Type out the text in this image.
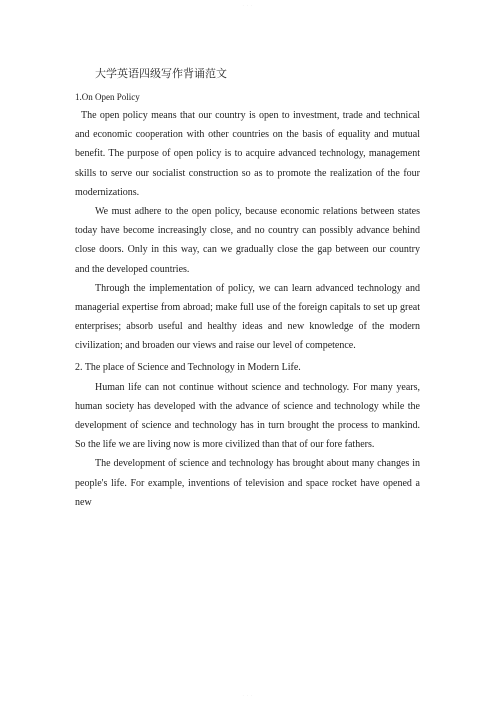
· · ·
大学英语四级写作背诵范文
1.On Open Policy

The open policy means that our country is open to investment, trade and technical and economic cooperation with other countries on the basis of equality and mutual benefit. The purpose of open policy is to acquire advanced technology, management skills to serve our socialist construction so as to promote the realization of the four modernizations.

We must adhere to the open policy, because economic relations between states today have become increasingly close, and no country can possibly advance behind close doors. Only in this way, can we gradually close the gap between our country and the developed countries.

Through the implementation of policy, we can learn advanced technology and managerial expertise from abroad; make full use of the foreign capitals to set up great enterprises; absorb useful and healthy ideas and new knowledge of the modern civilization; and broaden our views and raise our level of competence.

2. The place of Science and Technology in Modern Life.

Human life can not continue without science and technology. For many years, human society has developed with the advance of science and technology while the development of science and technology has in turn brought the process to mankind. So the life we are living now is more civilized than that of our fore fathers.

The development of science and technology has brought about many changes in people's life. For example, inventions of television and space rocket have opened a new

· · ·
